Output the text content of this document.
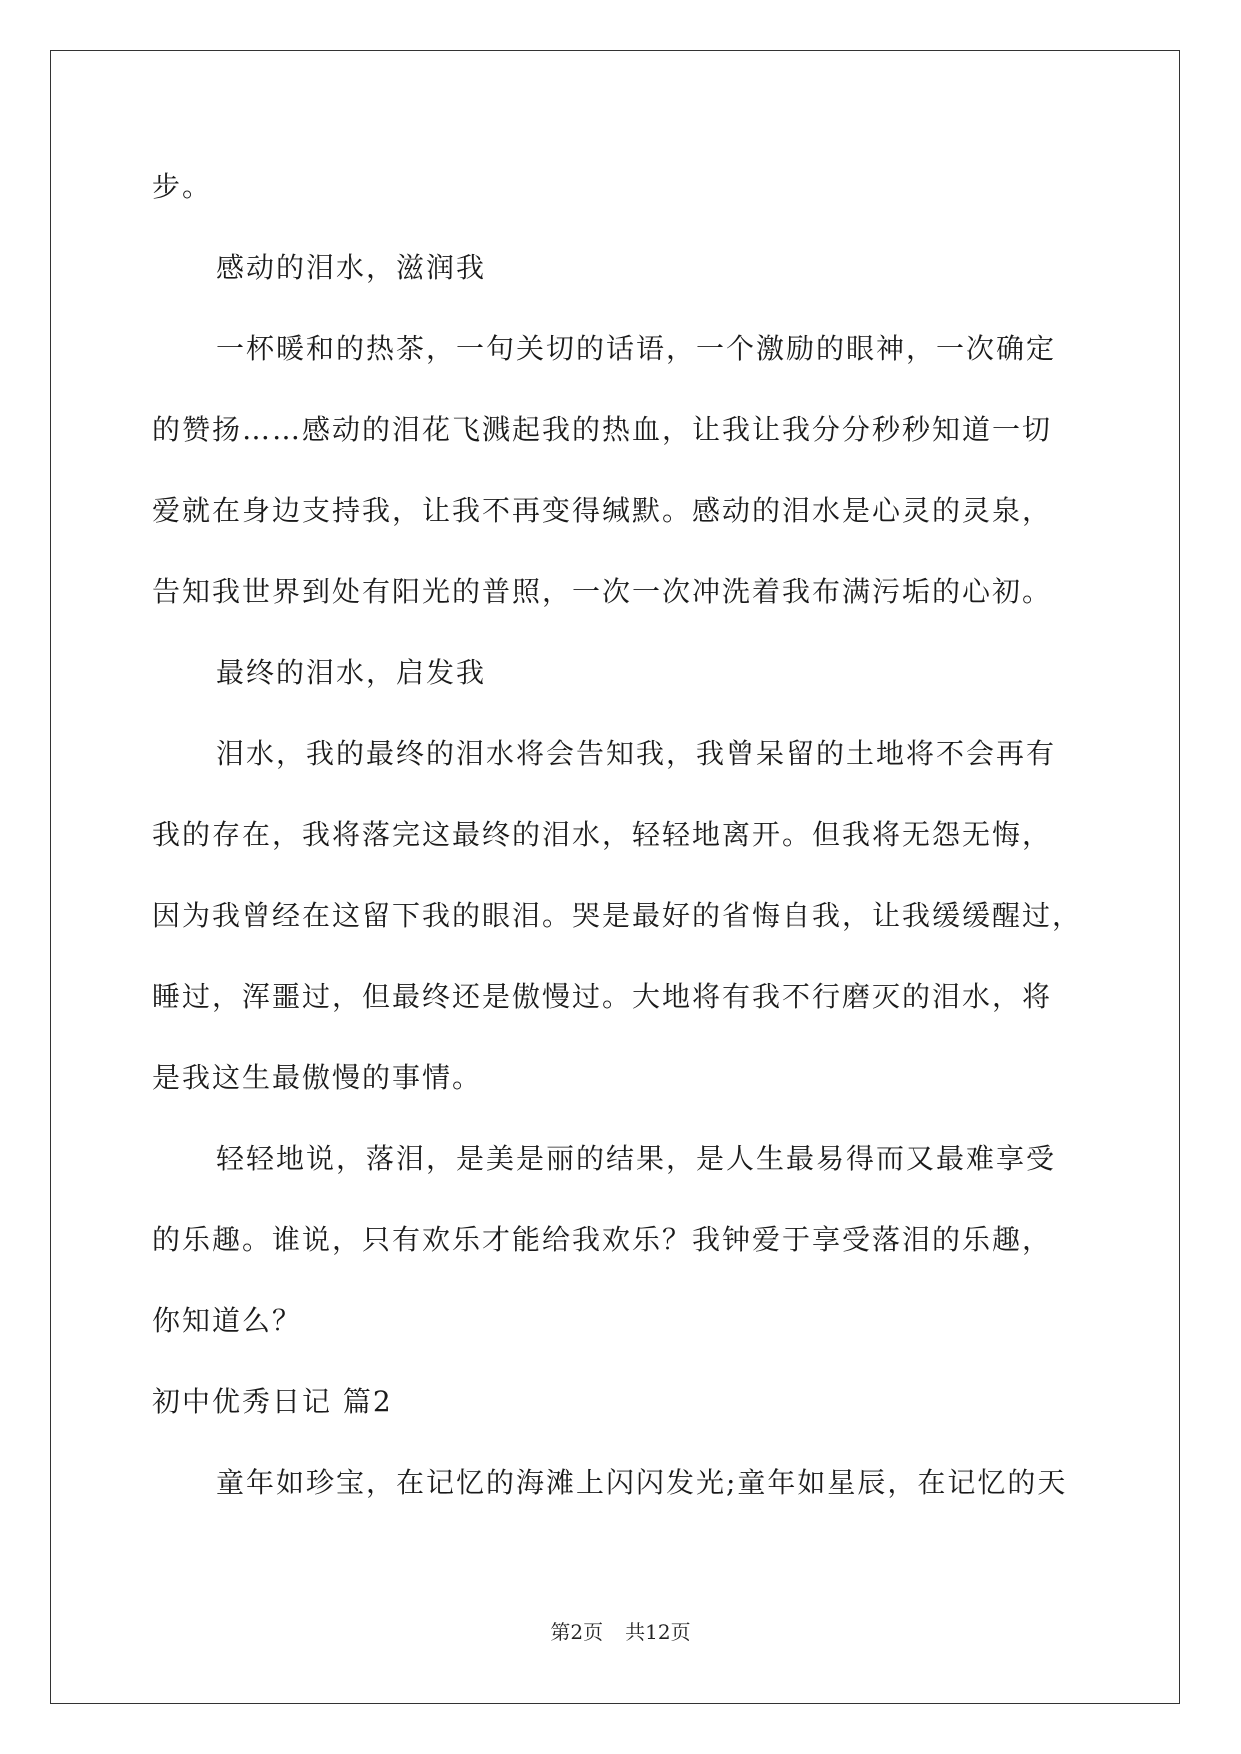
步。
感动的泪水，滋润我
一杯暖和的热茶，一句关切的话语，一个激励的眼神，一次确定
的赞扬……感动的泪花飞溅起我的热血，让我让我分分秒秒知道一切
爱就在身边支持我，让我不再变得缄默。感动的泪水是心灵的灵泉，
告知我世界到处有阳光的普照，一次一次冲洗着我布满污垢的心初。
最终的泪水，启发我
泪水，我的最终的泪水将会告知我，我曾呆留的土地将不会再有
我的存在，我将落完这最终的泪水，轻轻地离开。但我将无怨无悔，
因为我曾经在这留下我的眼泪。哭是最好的省悔自我，让我缓缓醒过，
睡过，浑噩过，但最终还是傲慢过。大地将有我不行磨灭的泪水，将
是我这生最傲慢的事情。
轻轻地说，落泪，是美是丽的结果，是人生最易得而又最难享受
的乐趣。谁说，只有欢乐才能给我欢乐？我钟爱于享受落泪的乐趣，
你知道么？
初中优秀日记 篇2
童年如珍宝，在记忆的海滩上闪闪发光;童年如星辰，在记忆的天
第2页 共12页
